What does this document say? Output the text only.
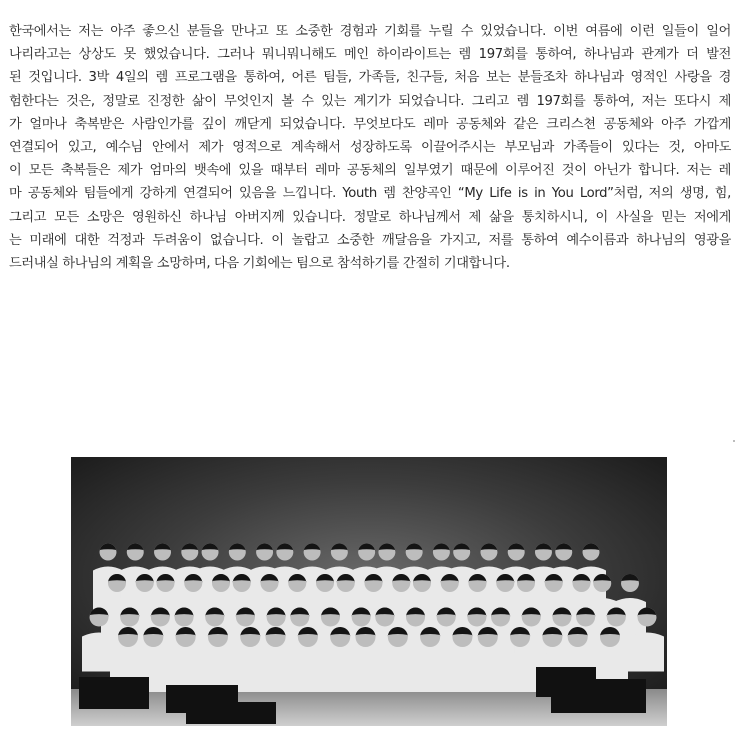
한국에서는 저는 아주 좋으신 분들을 만나고 또 소중한 경험과 기회를 누릴 수 있었습니다. 이번 여름에 이런 일들이 일어
나리라고는 상상도 못 했었습니다. 그러나 뭐니뭐니해도 메인 하이라이트는 렘 197회를 통하여, 하나님과 관계가 더 발전
된 것입니다. 3박 4일의 렘 프로그램을 통하여, 어른 팀들, 가족들, 친구들, 처음 보는 분들조차 하나님과 영적인 사랑을 경
험한다는 것은, 정말로 진정한 삶이 무엇인지 볼 수 있는 계기가 되었습니다. 그리고 렘 197회를 통하여, 저는 또다시 제
가 얼마나 축복받은 사람인가를 깊이 깨닫게 되었습니다. 무엇보다도 레마 공동체와 같은 크리스쳔 공동체와 아주 가깝게
연결되어 있고, 예수님 안에서 제가 영적으로 계속해서 성장하도록 이끌어주시는 부모님과 가족들이 있다는 것, 아마도
이 모든 축복들은 제가 엄마의 뱃속에 있을 때부터 레마 공동체의 일부였기 때문에 이루어진 것이 아닌가 합니다. 저는 레
마 공동체와 팀들에게 강하게 연결되어 있음을 느낍니다. Youth 렘 찬양곡인 “My Life is in You Lord”처럼, 저의 생명, 힘,
그리고 모든 소망은 영원하신 하나님 아버지께 있습니다. 정말로 하나님께서 제 삶을 통치하시니, 이 사실을 믿는 저에게
는 미래에 대한 걱정과 두려움이 없습니다. 이 놀랍고 소중한 깨달음을 가지고, 저를 통하여 예수이름과 하나님의 영광을
드러내실 하나님의 계획을 소망하며, 다음 기회에는 팀으로 참석하기를 간절히 기대합니다.
